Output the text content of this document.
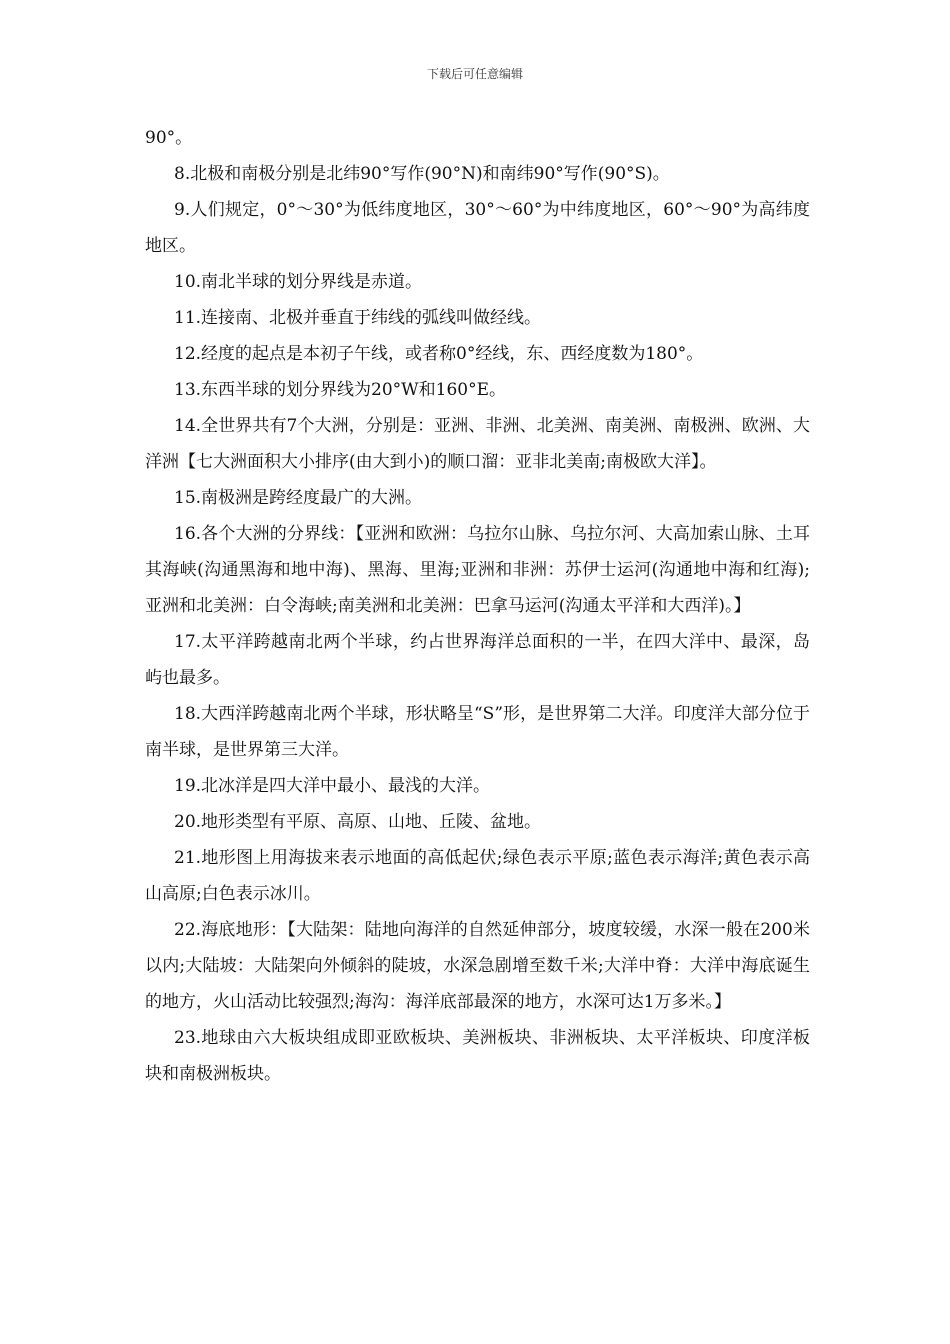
下载后可任意编辑

90°。

8.北极和南极分别是北纬90°写作(90°N)和南纬90°写作(90°S)。

9.人们规定，0°～30°为低纬度地区，30°～60°为中纬度地区，60°～90°为高纬度地区。

10.南北半球的划分界线是赤道。

11.连接南、北极并垂直于纬线的弧线叫做经线。

12.经度的起点是本初子午线，或者称0°经线，东、西经度数为180°。

13.东西半球的划分界线为20°W和160°E。

14.全世界共有7个大洲，分别是：亚洲、非洲、北美洲、南美洲、南极洲、欧洲、大洋洲【七大洲面积大小排序(由大到小)的顺口溜：亚非北美南;南极欧大洋】。

15.南极洲是跨经度最广的大洲。

16.各个大洲的分界线：【亚洲和欧洲：乌拉尔山脉、乌拉尔河、大高加索山脉、土耳其海峡(沟通黑海和地中海)、黑海、里海;亚洲和非洲：苏伊士运河(沟通地中海和红海);亚洲和北美洲：白令海峡;南美洲和北美洲：巴拿马运河(沟通太平洋和大西洋)。】

17.太平洋跨越南北两个半球，约占世界海洋总面积的一半，在四大洋中、最深，岛屿也最多。

18.大西洋跨越南北两个半球，形状略呈“S”形，是世界第二大洋。印度洋大部分位于南半球，是世界第三大洋。

19.北冰洋是四大洋中最小、最浅的大洋。

20.地形类型有平原、高原、山地、丘陵、盆地。

21.地形图上用海拔来表示地面的高低起伏;绿色表示平原;蓝色表示海洋;黄色表示高山高原;白色表示冰川。

22.海底地形：【大陆架：陆地向海洋的自然延伸部分，坡度较缓，水深一般在200米以内;大陆坡：大陆架向外倾斜的陡坡，水深急剧增至数千米;大洋中脊：大洋中海底诞生的地方，火山活动比较强烈;海沟：海洋底部最深的地方，水深可达1万多米。】

23.地球由六大板块组成即亚欧板块、美洲板块、非洲板块、太平洋板块、印度洋板块和南极洲板块。
